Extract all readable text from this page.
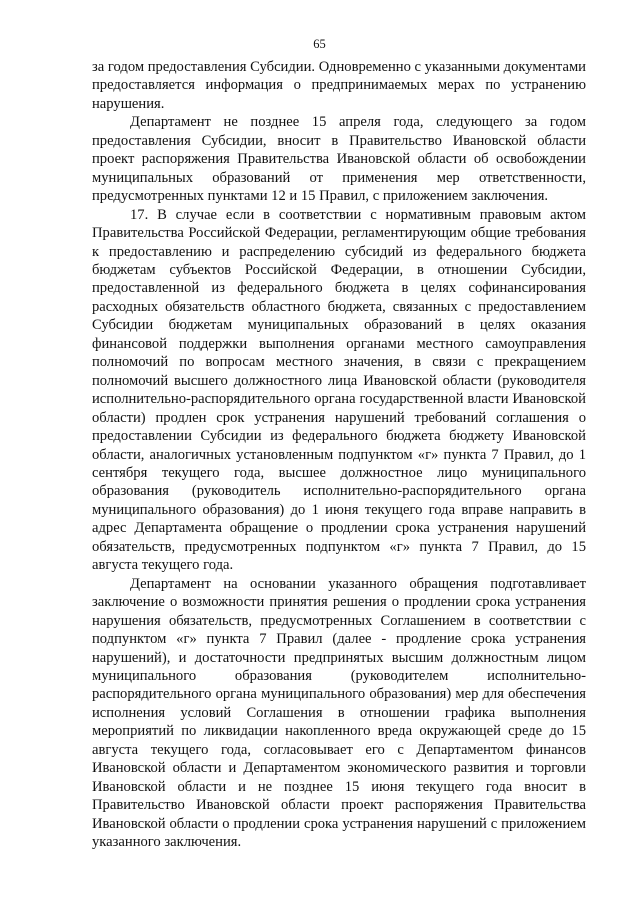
65

за годом предоставления Субсидии. Одновременно с указанными документами предоставляется информация о предпринимаемых мерах по устранению нарушения.

Департамент не позднее 15 апреля года, следующего за годом предоставления Субсидии, вносит в Правительство Ивановской области проект распоряжения Правительства Ивановской области об освобождении муниципальных образований от применения мер ответственности, предусмотренных пунктами 12 и 15 Правил, с приложением заключения.

17. В случае если в соответствии с нормативным правовым актом Правительства Российской Федерации, регламентирующим общие требования к предоставлению и распределению субсидий из федерального бюджета бюджетам субъектов Российской Федерации, в отношении Субсидии, предоставленной из федерального бюджета в целях софинансирования расходных обязательств областного бюджета, связанных с предоставлением Субсидии бюджетам муниципальных образований в целях оказания финансовой поддержки выполнения органами местного самоуправления полномочий по вопросам местного значения, в связи с прекращением полномочий высшего должностного лица Ивановской области (руководителя исполнительно-распорядительного органа государственной власти Ивановской области) продлен срок устранения нарушений требований соглашения о предоставлении Субсидии из федерального бюджета бюджету Ивановской области, аналогичных установленным подпунктом «г» пункта 7 Правил, до 1 сентября текущего года, высшее должностное лицо муниципального образования (руководитель исполнительно-распорядительного органа муниципального образования) до 1 июня текущего года вправе направить в адрес Департамента обращение о продлении срока устранения нарушений обязательств, предусмотренных подпунктом «г» пункта 7 Правил, до 15 августа текущего года.

Департамент на основании указанного обращения подготавливает заключение о возможности принятия решения о продлении срока устранения нарушения обязательств, предусмотренных Соглашением в соответствии с подпунктом «г» пункта 7 Правил (далее - продление срока устранения нарушений), и достаточности предпринятых высшим должностным лицом муниципального образования (руководителем исполнительно-распорядительного органа муниципального образования) мер для обеспечения исполнения условий Соглашения в отношении графика выполнения мероприятий по ликвидации накопленного вреда окружающей среде до 15 августа текущего года, согласовывает его с Департаментом финансов Ивановской области и Департаментом экономического развития и торговли Ивановской области и не позднее 15 июня текущего года вносит в Правительство Ивановской области проект распоряжения Правительства Ивановской области о продлении срока устранения нарушений с приложением указанного заключения.
